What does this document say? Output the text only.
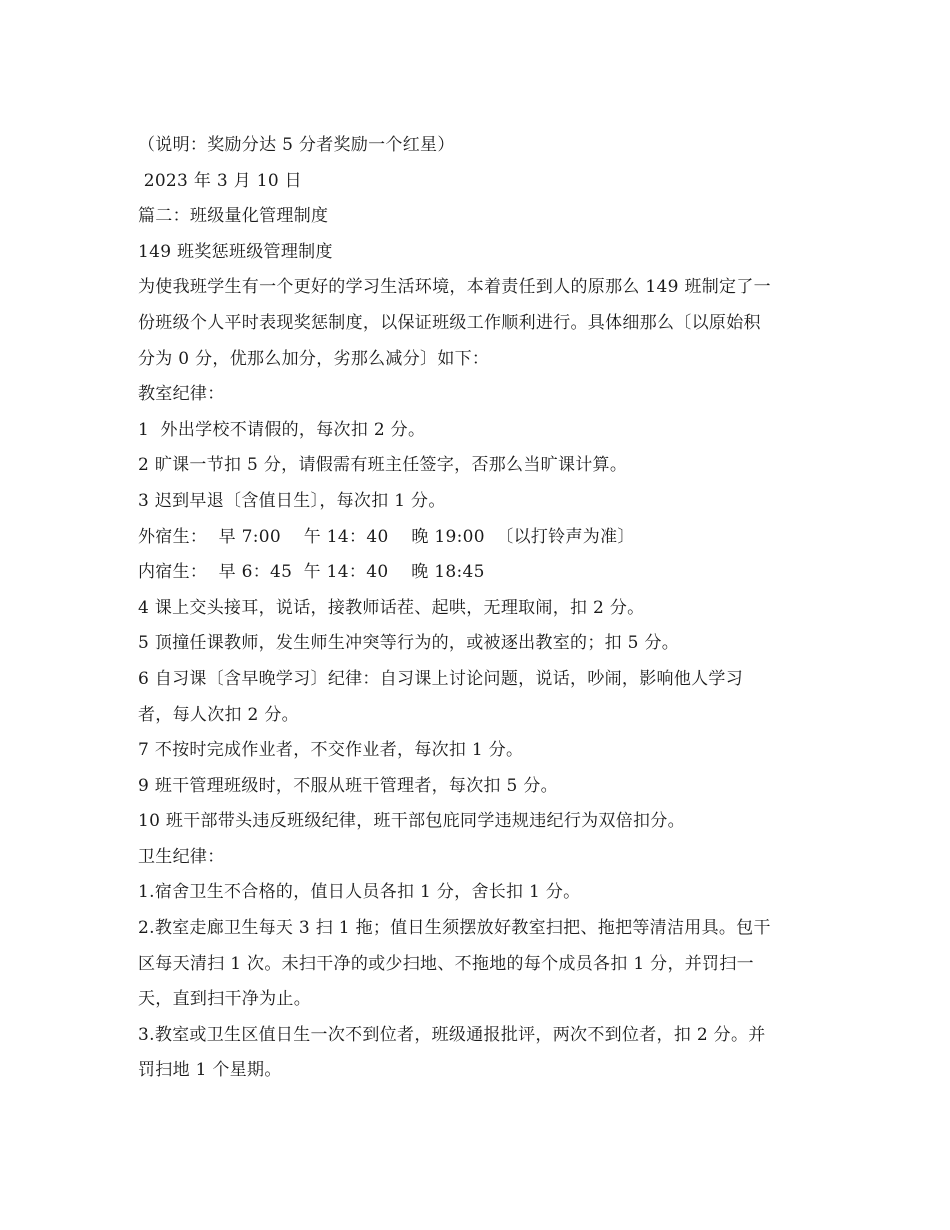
（说明：奖励分达 5 分者奖励一个红星）
2023 年 3 月 10 日
篇二：班级量化管理制度
149 班奖惩班级管理制度
为使我班学生有一个更好的学习生活环境，本着责任到人的原那么 149 班制定了一
份班级个人平时表现奖惩制度，以保证班级工作顺利进行。具体细那么〔以原始积
分为 0 分，优那么加分，劣那么减分〕如下：
教室纪律：
1  外出学校不请假的，每次扣 2 分。
2 旷课一节扣 5 分，请假需有班主任签字，否那么当旷课计算。
3 迟到早退〔含值日生〕，每次扣 1 分。
外宿生：  早 7:00    午 14：40    晚 19:00  〔以打铃声为准〕
内宿生：  早 6：45  午 14：40    晚 18:45
4 课上交头接耳，说话，接教师话茬、起哄，无理取闹，扣 2 分。
5 顶撞任课教师，发生师生冲突等行为的，或被逐出教室的；扣 5 分。
6 自习课〔含早晚学习〕纪律：自习课上讨论问题，说话，吵闹，影响他人学习
者，每人次扣 2 分。
7 不按时完成作业者，不交作业者，每次扣 1 分。
9 班干管理班级时，不服从班干管理者，每次扣 5 分。
10 班干部带头违反班级纪律，班干部包庇同学违规违纪行为双倍扣分。
卫生纪律：
1.宿舍卫生不合格的，值日人员各扣 1 分，舍长扣 1 分。
2.教室走廊卫生每天 3 扫 1 拖；值日生须摆放好教室扫把、拖把等清洁用具。包干
区每天清扫 1 次。未扫干净的或少扫地、不拖地的每个成员各扣 1 分，并罚扫一
天，直到扫干净为止。
3.教室或卫生区值日生一次不到位者，班级通报批评，两次不到位者，扣 2 分。并
罚扫地 1 个星期。
